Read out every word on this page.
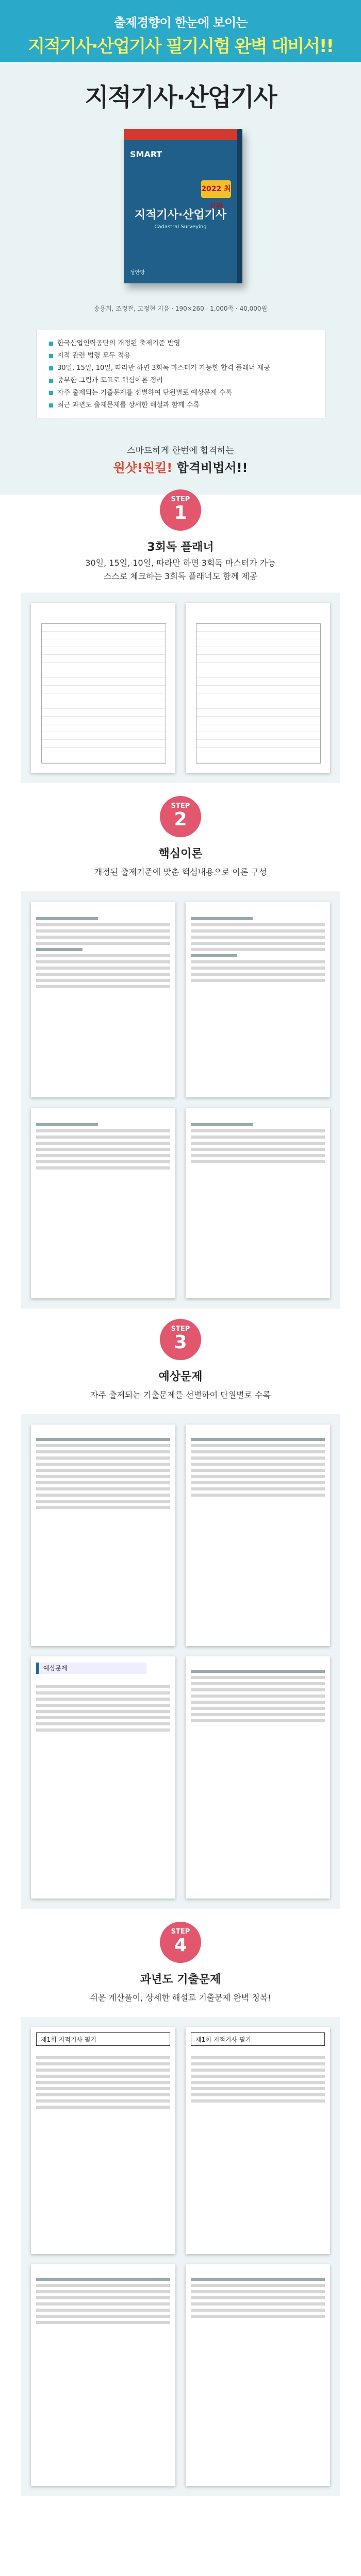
출제경향이 한눈에 보이는
지적기사·산업기사 필기시험 완벽 대비서!!
지적기사·산업기사
SMART
2022 최신판
지적기사·산업기사
Cadastral Surveying
성안당
송용희, 조정관, 고정현 지음 · 190×260 · 1,000쪽 · 40,000원
한국산업인력공단의 개정된 출제기준 반영
지적 관련 법령 모두 적용
30일, 15일, 10일, 따라만 하면 3회독 마스터가 가능한 합격 플래너 제공
중부한 그림과 도표로 핵심이론 정리
자주 출제되는 기출문제를 선별하여 단원별로 예상문제 수록
최근 과년도 출제문제를 상세한 해설과 함께 수록
스마트하게 한번에 합격하는
원샷!원킬! 합격비법서!!
STEP
1
3회독 플래너
30일, 15일, 10일, 따라만 하면 3회독 마스터가 가능
스스로 체크하는 3회독 플래너도 함께 제공
STEP
2
핵심이론
개정된 출제기준에 맞춘 핵심내용으로 이론 구성
STEP
3
예상문제
자주 출제되는 기출문제를 선별하여 단원별로 수록
예상문제
STEP
4
과년도 기출문제
쉬운 계산풀이, 상세한 해설로 기출문제 완벽 정복!
제1회 지적기사 필기	제1회 지적기사 필기
